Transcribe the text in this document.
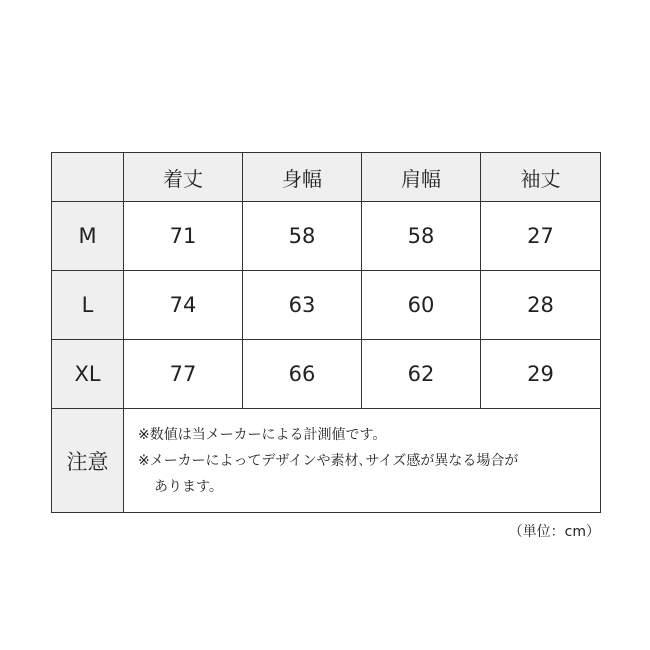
	着丈	身幅	肩幅	袖丈
M	71	58	58	27
L	74	63	60	28
XL	77	66	62	29
注意	※数値は当メーカーによる計測値です。
※メーカーによってデザインや素材､サイズ感が異なる場合が
あります。			
（単位：cm）
